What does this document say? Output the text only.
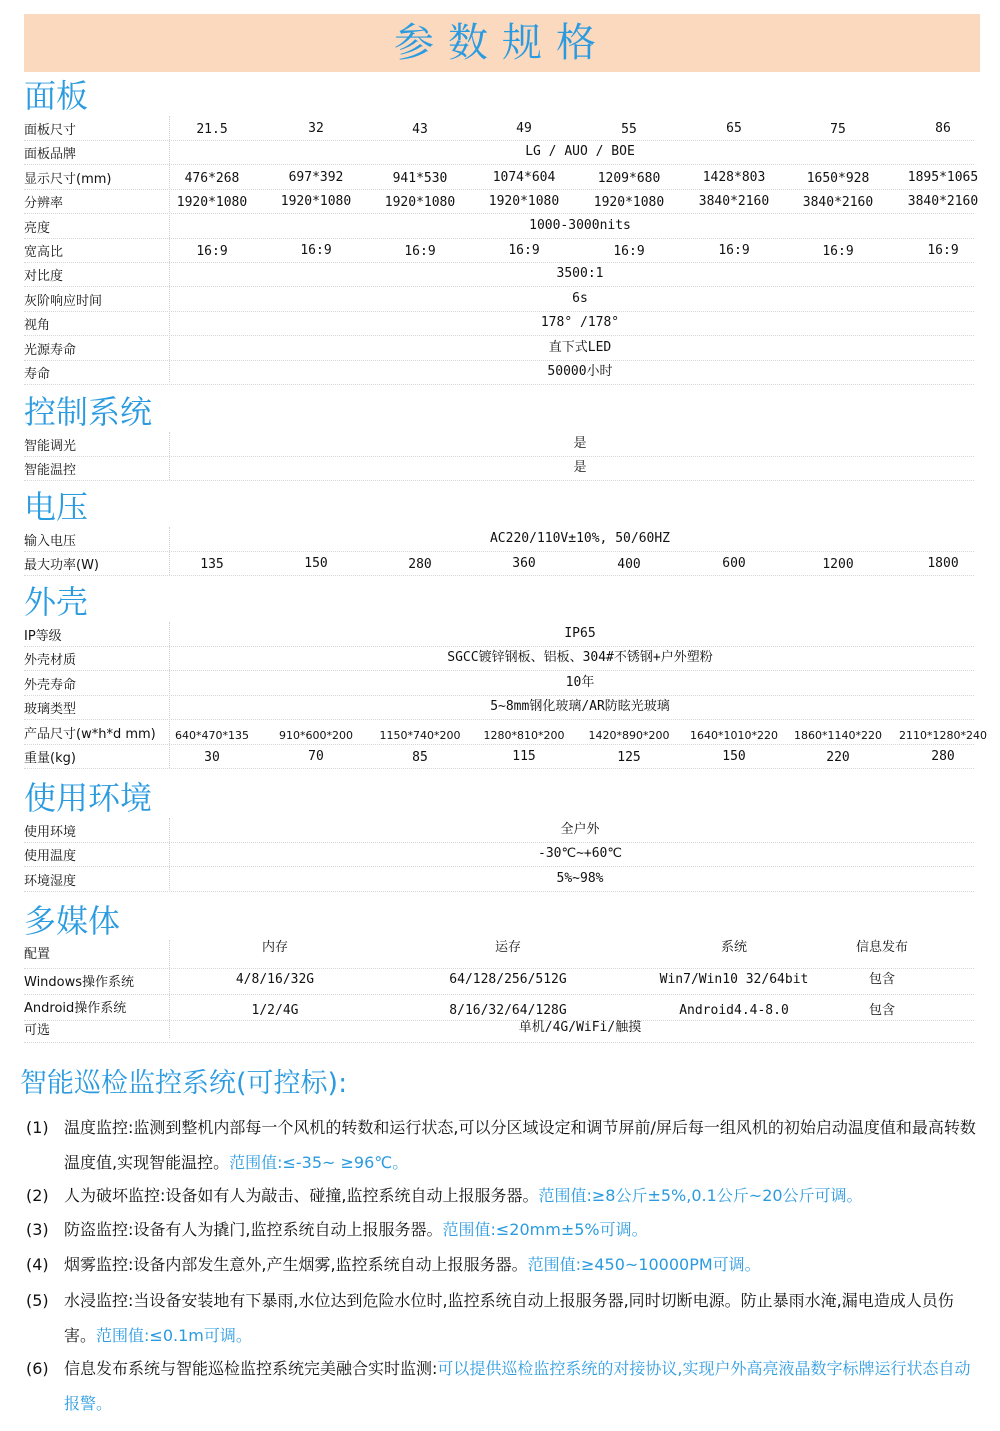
参数规格
面板
面板尺寸	21.5	32	43	49	55	65	75	86
面板品牌	LG / AUO / BOE
显示尺寸(mm)	476*268	697*392	941*530	1074*604	1209*680	1428*803	1650*928	1895*1065
分辨率	1920*1080	1920*1080	1920*1080	1920*1080	1920*1080	3840*2160	3840*2160	3840*2160
亮度	1000-3000nits
宽高比	16:9	16:9	16:9	16:9	16:9	16:9	16:9	16:9
对比度	3500:1
灰阶响应时间	6s
视角	178° /178°
光源寿命	直下式LED
寿命	50000小时
控制系统
智能调光	是
智能温控	是
电压
输入电压	AC220/110V±10%, 50/60HZ
最大功率(W)	135	150	280	360	400	600	1200	1800
外壳
IP等级	IP65
外壳材质	SGCC镀锌钢板、铝板、304#不锈钢+户外塑粉
外壳寿命	10年
玻璃类型	5~8mm钢化玻璃/AR防眩光玻璃
产品尺寸(w*h*d mm)	640*470*135	910*600*200	1150*740*200	1280*810*200	1420*890*200	1640*1010*220	1860*1140*220	2110*1280*240
重量(kg)	30	70	85	115	125	150	220	280
使用环境
使用环境	全户外
使用温度	-30℃~+60℃
环境湿度	5%~98%
多媒体
配置	内存	运存	系统	信息发布
Windows操作系统	4/8/16/32G	64/128/256/512G	Win7/Win10 32/64bit	包含
Android操作系统	1/2/4G	8/16/32/64/128G	Android4.4-8.0	包含
可选	单机/4G/WiFi/触摸
智能巡检监控系统(可控标):
(1) 温度监控:监测到整机内部每一个风机的转数和运行状态,可以分区域设定和调节屏前/屏后每一组风机的初始启动温度值和最高转数温度值,实现智能温控。范围值:≤-35~ ≥96℃。
(2) 人为破坏监控:设备如有人为敲击、碰撞,监控系统自动上报服务器。范围值:≥8公斤±5%,0.1公斤~20公斤可调。
(3) 防盗监控:设备有人为撬门,监控系统自动上报服务器。范围值:≤20mm±5%可调。
(4) 烟雾监控:设备内部发生意外,产生烟雾,监控系统自动上报服务器。范围值:≥450~10000PM可调。
(5) 水浸监控:当设备安装地有下暴雨,水位达到危险水位时,监控系统自动上报服务器,同时切断电源。防止暴雨水淹,漏电造成人员伤害。范围值:≤0.1m可调。
(6) 信息发布系统与智能巡检监控系统完美融合实时监测:可以提供巡检监控系统的对接协议,实现户外高亮液晶数字标牌运行状态自动报警。
